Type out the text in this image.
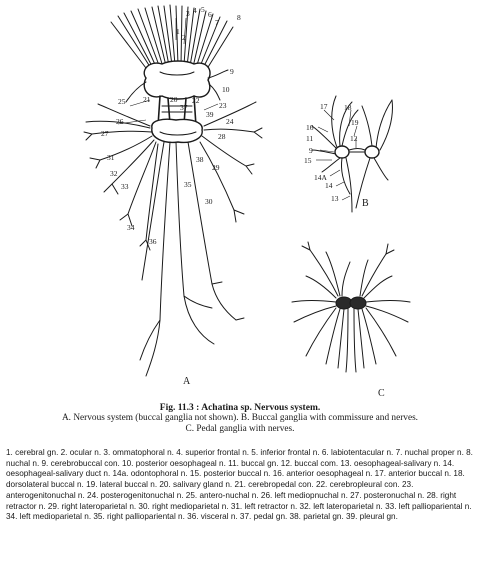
1
2
3 4 5
6
7
8
9
10
20
21	22
23
24
25
26
27	28
29
30
31
32
33
34
35
36
37
38
39
A
17 18
19
16
11	12
9
15
14A
14
13 B
C
Fig. 11.3 : Achatina sp. Nervous system.
A. Nervous system (buccal ganglia not shown). B. Buccal ganglia with commissure and nerves.
C. Pedal ganglia with nerves.

1. cerebral gn. 2. ocular n. 3. ommatophoral n. 4. superior frontal n. 5. inferior frontal n. 6. labiotentacular n. 7. nuchal proper n. 8. nuchal n. 9. cerebrobuccal con. 10. posterior oesophageal n. 11. buccal gn. 12. buccal com. 13. oesophageal-salivary n. 14. oesophageal-salivary duct n. 14a. odontophoral n. 15. posterior buccal n. 16. anterior oesophageal n. 17. anterior buccal n. 18. dorsolateral buccal n. 19. lateral buccal n. 20. salivary gland n. 21. cerebropedal con. 22. cerebropleural con. 23. anterogenitonuchal n. 24. posterogenitonuchal n. 25. antero-nuchal n. 26. left mediopnuchal n. 27. posteronuchal n. 28. right retractor n. 29. right lateroparietal n. 30. right medioparietal n. 31. left retractor n. 32. left lateroparietal n. 33. left palliopariental n. 34. left medioparietal n. 35. right palliopariental n. 36. visceral n. 37. pedal gn. 38. parietal gn. 39. pleural gn.
